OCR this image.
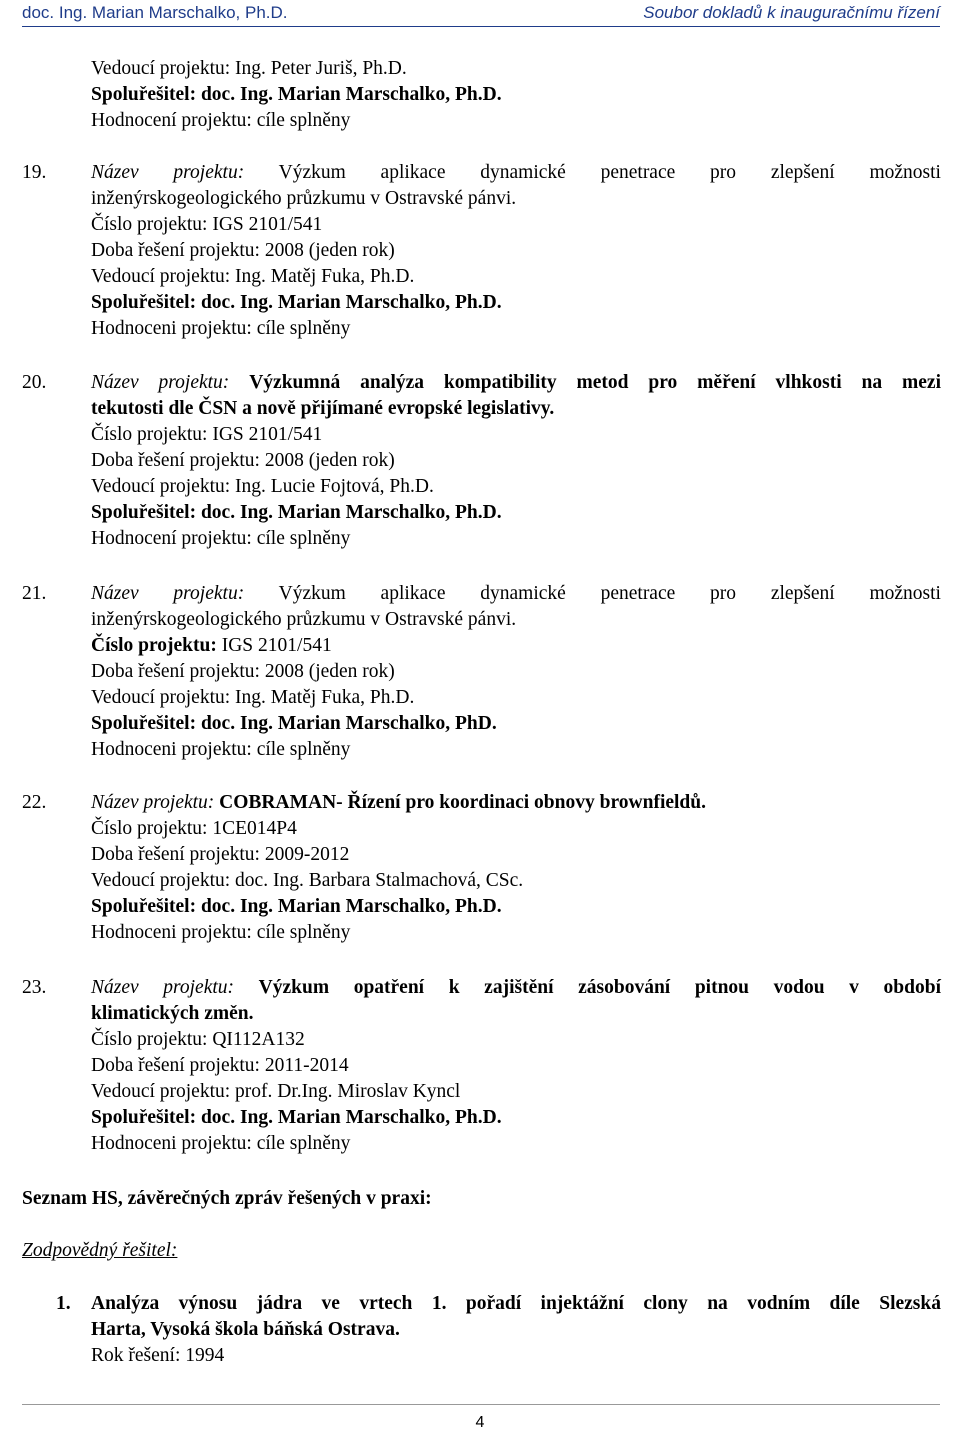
doc. Ing. Marian Marschalko, Ph.D.	Soubor dokladů k inauguračnímu řízení
Vedoucí projektu: Ing. Peter Juriš, Ph.D.
Spoluřešitel: doc. Ing. Marian Marschalko, Ph.D.
Hodnocení projektu: cíle splněny
19. Název projektu: Výzkum aplikace dynamické penetrace pro zlepšení možnosti
inženýrskogeologického průzkumu v Ostravské pánvi.
Číslo projektu: IGS 2101/541
Doba řešení projektu: 2008 (jeden rok)
Vedoucí projektu: Ing. Matěj Fuka, Ph.D.
Spoluřešitel: doc. Ing. Marian Marschalko, Ph.D.
Hodnoceni projektu: cíle splněny
20. Název projektu: Výzkumná analýza kompatibility metod pro měření vlhkosti na mezi
tekutosti dle ČSN a nově přijímané evropské legislativy.
Číslo projektu: IGS 2101/541
Doba řešení projektu: 2008 (jeden rok)
Vedoucí projektu: Ing. Lucie Fojtová, Ph.D.
Spoluřešitel: doc. Ing. Marian Marschalko, Ph.D.
Hodnocení projektu: cíle splněny
21. Název projektu: Výzkum aplikace dynamické penetrace pro zlepšení možnosti
inženýrskogeologického průzkumu v Ostravské pánvi.
Číslo projektu: IGS 2101/541
Doba řešení projektu: 2008 (jeden rok)
Vedoucí projektu: Ing. Matěj Fuka, Ph.D.
Spoluřešitel: doc. Ing. Marian Marschalko, PhD.
Hodnoceni projektu: cíle splněny
22. Název projektu: COBRAMAN- Řízení pro koordinaci obnovy brownfieldů.
Číslo projektu: 1CE014P4
Doba řešení projektu: 2009-2012
Vedoucí projektu: doc. Ing. Barbara Stalmachová, CSc.
Spoluřešitel: doc. Ing. Marian Marschalko, Ph.D.
Hodnoceni projektu: cíle splněny
23. Název projektu: Výzkum opatření k zajištění zásobování pitnou vodou v období
klimatických změn.
Číslo projektu: QI112A132
Doba řešení projektu: 2011-2014
Vedoucí projektu: prof. Dr.Ing. Miroslav Kyncl
Spoluřešitel: doc. Ing. Marian Marschalko, Ph.D.
Hodnoceni projektu: cíle splněny
Seznam HS, závěrečných zpráv řešených v praxi:
Zodpovědný řešitel:
1. Analýza výnosu jádra ve vrtech 1. pořadí injektážní clony na vodním díle Slezská
Harta, Vysoká škola báňská Ostrava.
Rok řešení: 1994
4
